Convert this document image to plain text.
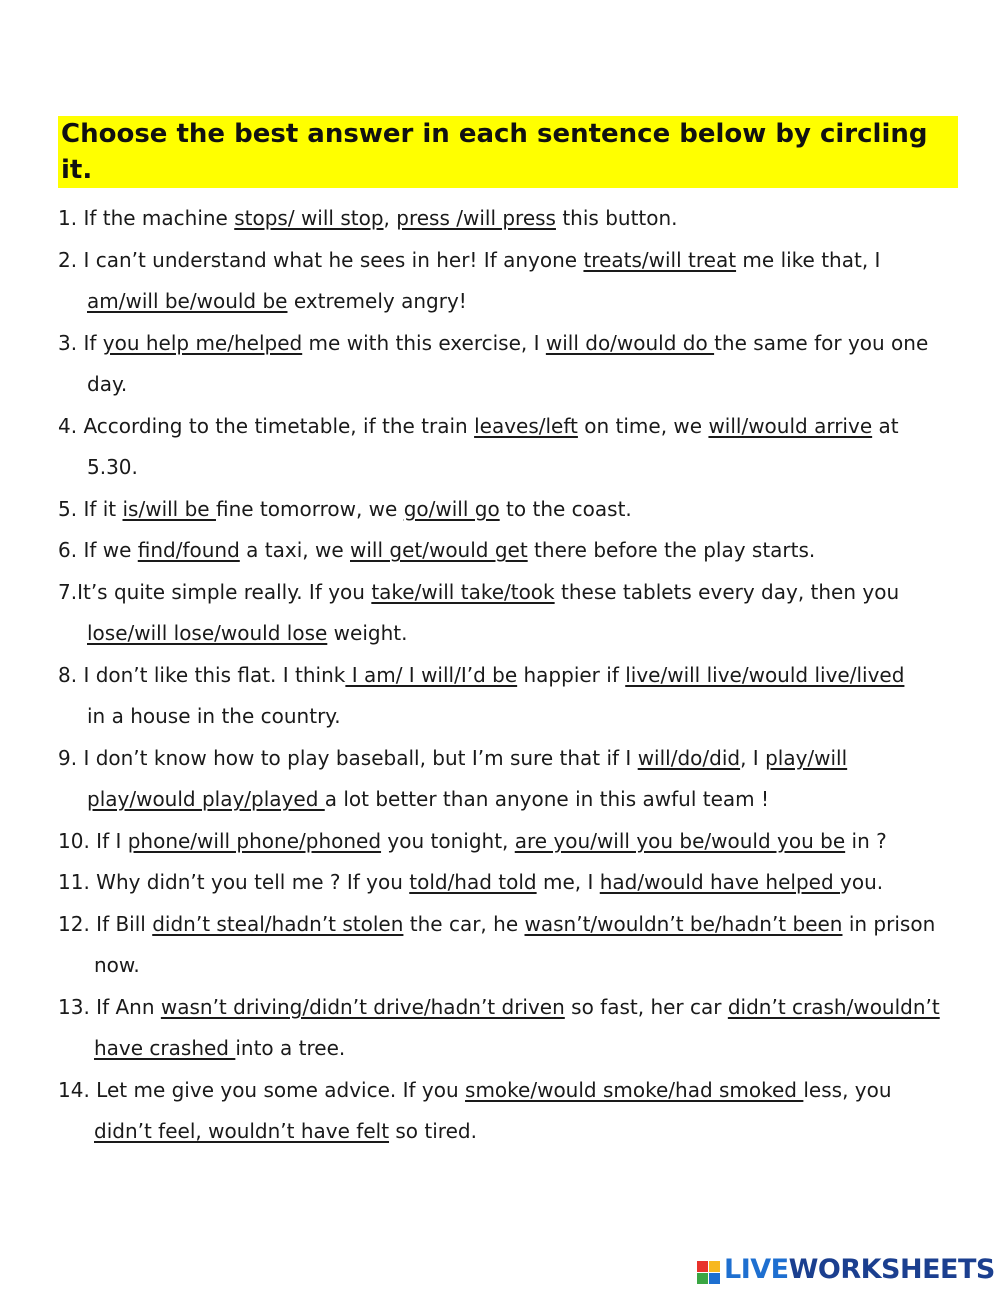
Choose the best answer in each sentence below by circling it.
1. If the machine stops/ will stop, press /will press this button.
2. I can’t understand what he sees in her! If anyone treats/will treat me like that, I
am/will be/would be extremely angry!
3. If you help me/helped me with this exercise, I will do/would do the same for you one
day.
4. According to the timetable, if the train leaves/left on time, we will/would arrive at
5.30.
5. If it is/will be fine tomorrow, we go/will go to the coast.
6. If we find/found a taxi, we will get/would get there before the play starts.
7.It’s quite simple really. If you take/will take/took these tablets every day, then you
lose/will lose/would lose weight.
8. I don’t like this flat. I think I am/ I will/I’d be happier if live/will live/would live/lived
in a house in the country.
9. I don’t know how to play baseball, but I’m sure that if I will/do/did, I play/will
play/would play/played a lot better than anyone in this awful team !
10. If I phone/will phone/phoned you tonight, are you/will you be/would you be in ?
11. Why didn’t you tell me ? If you told/had told me, I had/would have helped you.
12. If Bill didn’t steal/hadn’t stolen the car, he wasn’t/wouldn’t be/hadn’t been in prison
now.
13. If Ann wasn’t driving/didn’t drive/hadn’t driven so fast, her car didn’t crash/wouldn’t
have crashed into a tree.
14. Let me give you some advice. If you smoke/would smoke/had smoked less, you
didn’t feel, wouldn’t have felt so tired.
LIVEWORKSHEETS
